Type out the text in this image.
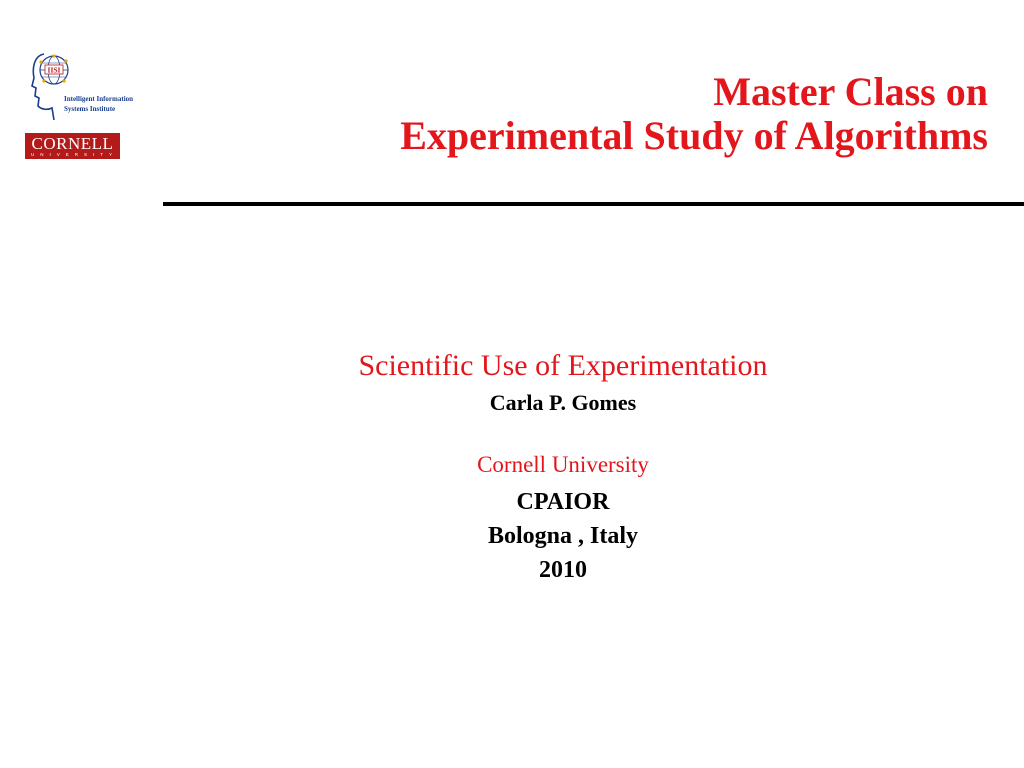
IISI
Intelligent Information
Systems Institute
CORNELL
UNIVERSITY
Master Class on
Experimental Study of Algorithms
Scientific Use of Experimentation
Carla P. Gomes
Cornell University
CPAIOR
Bologna , Italy
2010
